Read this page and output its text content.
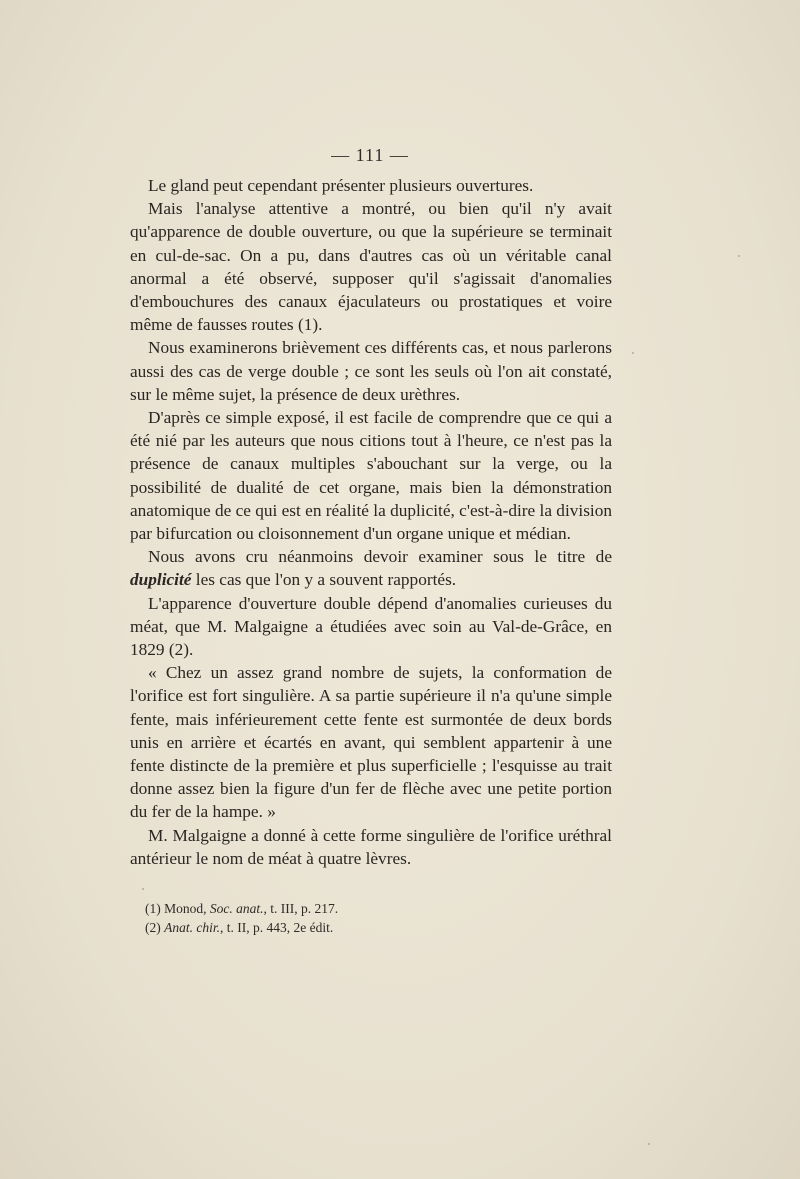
— 111 —

Le gland peut cependant présenter plusieurs ouvertures.

Mais l'analyse attentive a montré, ou bien qu'il n'y avait qu'apparence de double ouverture, ou que la supérieure se terminait en cul-de-sac. On a pu, dans d'autres cas où un véritable canal anormal a été observé, supposer qu'il s'agissait d'anomalies d'embouchures des canaux éjaculateurs ou prostatiques et voire même de fausses routes (1).

Nous examinerons brièvement ces différents cas, et nous parlerons aussi des cas de verge double ; ce sont les seuls où l'on ait constaté, sur le même sujet, la présence de deux urèthres.

D'après ce simple exposé, il est facile de comprendre que ce qui a été nié par les auteurs que nous citions tout à l'heure, ce n'est pas la présence de canaux multiples s'abouchant sur la verge, ou la possibilité de dualité de cet organe, mais bien la démonstration anatomique de ce qui est en réalité la duplicité, c'est-à-dire la division par bifurcation ou cloisonnement d'un organe unique et médian.

Nous avons cru néanmoins devoir examiner sous le titre de duplicité les cas que l'on y a souvent rapportés.

L'apparence d'ouverture double dépend d'anomalies curieuses du méat, que M. Malgaigne a étudiées avec soin au Val-de-Grâce, en 1829 (2).

« Chez un assez grand nombre de sujets, la conformation de l'orifice est fort singulière. A sa partie supérieure il n'a qu'une simple fente, mais inférieurement cette fente est surmontée de deux bords unis en arrière et écartés en avant, qui semblent appartenir à une fente distincte de la première et plus superficielle ; l'esquisse au trait donne assez bien la figure d'un fer de flèche avec une petite portion du fer de la hampe. »

M. Malgaigne a donné à cette forme singulière de l'orifice uréthral antérieur le nom de méat à quatre lèvres.

(1) Monod, Soc. anat., t. III, p. 217.

(2) Anat. chir., t. II, p. 443, 2e édit.
